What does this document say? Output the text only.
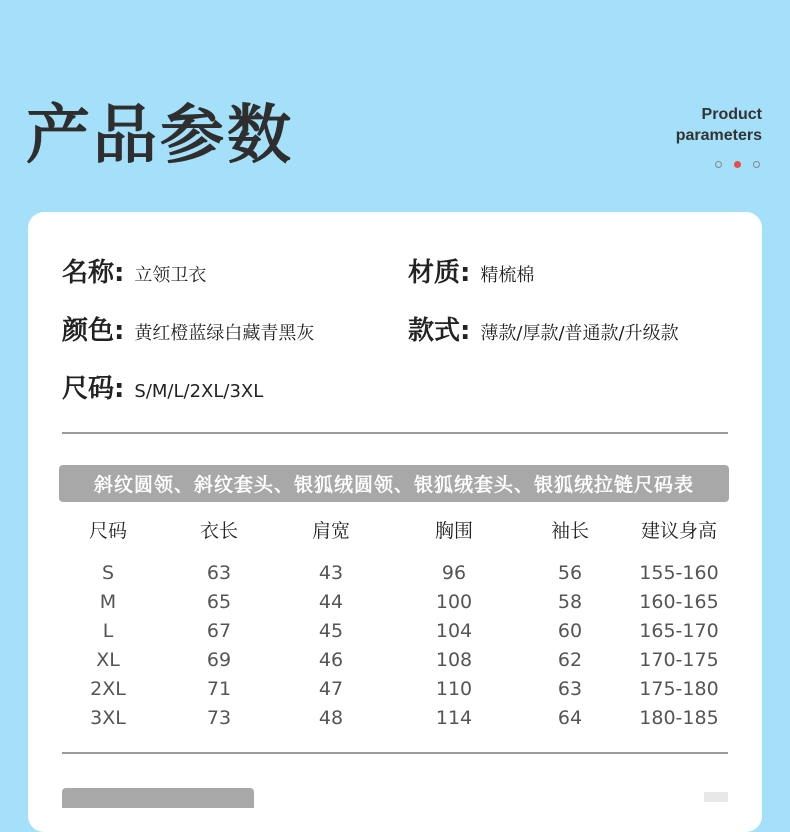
产品参数	Product
parameters
名称: 立领卫衣	材质: 精梳棉
颜色: 黄红橙蓝绿白藏青黑灰	款式: 薄款/厚款/普通款/升级款
尺码: S/M/L/2XL/3XL
斜纹圆领、斜纹套头、银狐绒圆领、银狐绒套头、银狐绒拉链尺码表
尺码	衣长	肩宽	胸围	袖长	建议身高

S	63	43	96	56	155-160
M	65	44	100	58	160-165
L	67	45	104	60	165-170
XL	69	46	108	62	170-175
2XL	71	47	110	63	175-180
3XL	73	48	114	64	180-185
